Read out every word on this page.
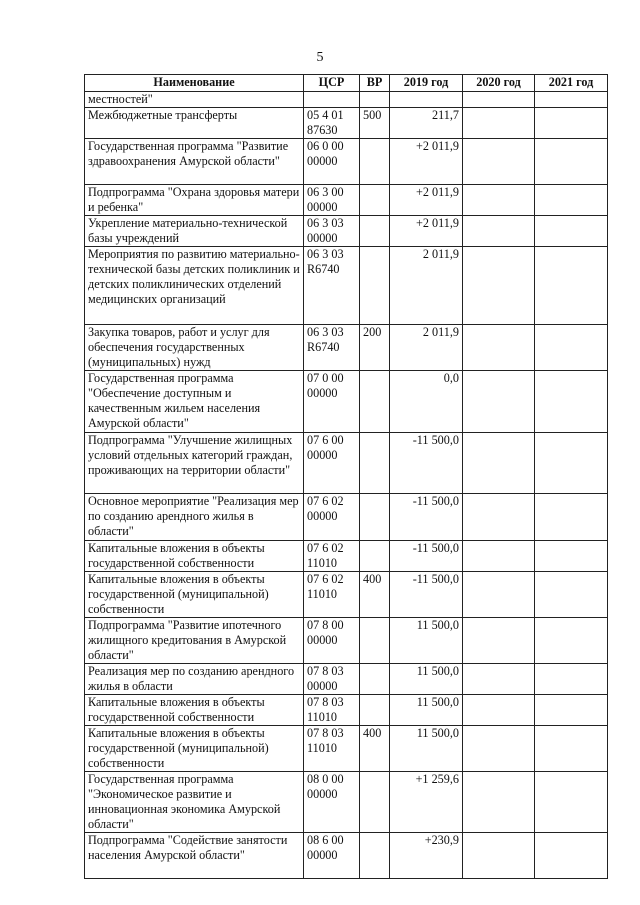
5
Наименование	ЦСР	ВР	2019 год	2020 год	2021 год
местностей"					
Межбюджетные трансферты	05 4 01 87630	500	211,7		
Государственная программа "Развитие здравоохранения Амурской области"	06 0 00 00000		+2 011,9		
Подпрограмма "Охрана здоровья матери и ребенка"	06 3 00 00000		+2 011,9		
Укрепление материально-технической базы учреждений	06 3 03 00000		+2 011,9		
Мероприятия по развитию материально-технической базы детских поликлиник и детских поликлинических отделений медицинских организаций	06 3 03 R6740		2 011,9		
Закупка товаров, работ и услуг для обеспечения государственных (муниципальных) нужд	06 3 03 R6740	200	2 011,9		
Государственная программа "Обеспечение доступным и качественным жильем населения Амурской области"	07 0 00 00000		0,0		
Подпрограмма "Улучшение жилищных условий отдельных категорий граждан, проживающих на территории области"	07 6 00 00000		-11 500,0		
Основное мероприятие "Реализация мер по созданию арендного жилья в области"	07 6 02 00000		-11 500,0		
Капитальные вложения в объекты государственной собственности	07 6 02 11010		-11 500,0		
Капитальные вложения в объекты государственной (муниципальной) собственности	07 6 02 11010	400	-11 500,0		
Подпрограмма "Развитие ипотечного жилищного кредитования в Амурской области"	07 8 00 00000		11 500,0		
Реализация мер по созданию арендного жилья в области	07 8 03 00000		11 500,0		
Капитальные вложения в объекты государственной собственности	07 8 03 11010		11 500,0		
Капитальные вложения в объекты государственной (муниципальной) собственности	07 8 03 11010	400	11 500,0		
Государственная программа "Экономическое развитие и инновационная экономика Амурской области"	08 0 00 00000		+1 259,6		
Подпрограмма "Содействие занятости населения Амурской области"	08 6 00 00000		+230,9		
